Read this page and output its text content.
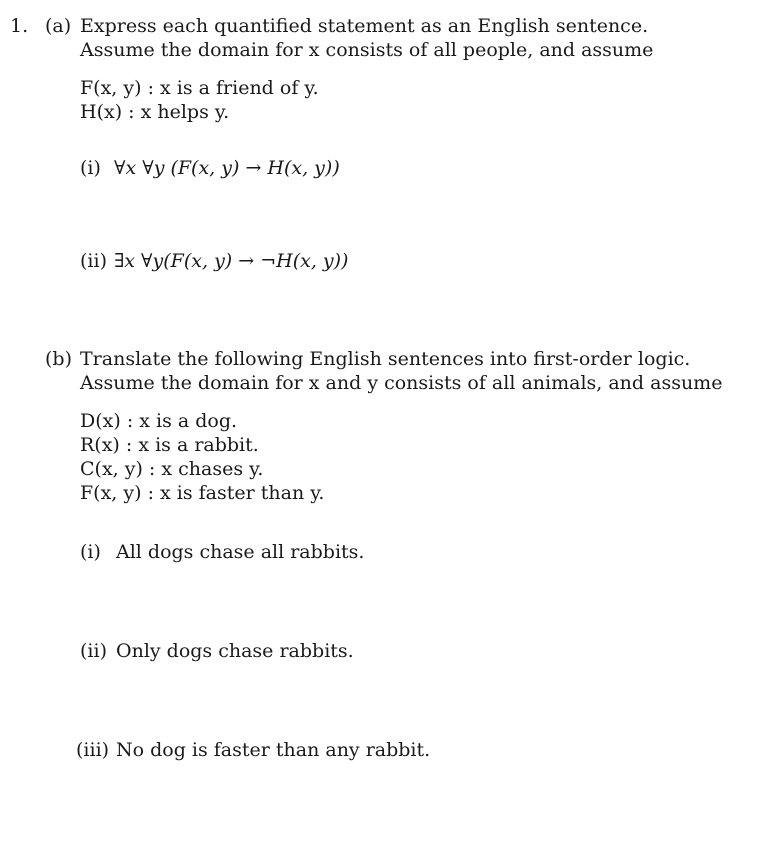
1. (a) Express each quantified statement as an English sentence.
Assume the domain for x consists of all people, and assume
F(x, y) : x is a friend of y.
H(x) : x helps y.
(i) ∀x ∀y (F(x, y) → H(x, y))
(ii) ∃x ∀y(F(x, y) → ¬H(x, y))
(b) Translate the following English sentences into first-order logic.
Assume the domain for x and y consists of all animals, and assume
D(x) : x is a dog.
R(x) : x is a rabbit.
C(x, y) : x chases y.
F(x, y) : x is faster than y.
(i) All dogs chase all rabbits.
(ii) Only dogs chase rabbits.
(iii) No dog is faster than any rabbit.
